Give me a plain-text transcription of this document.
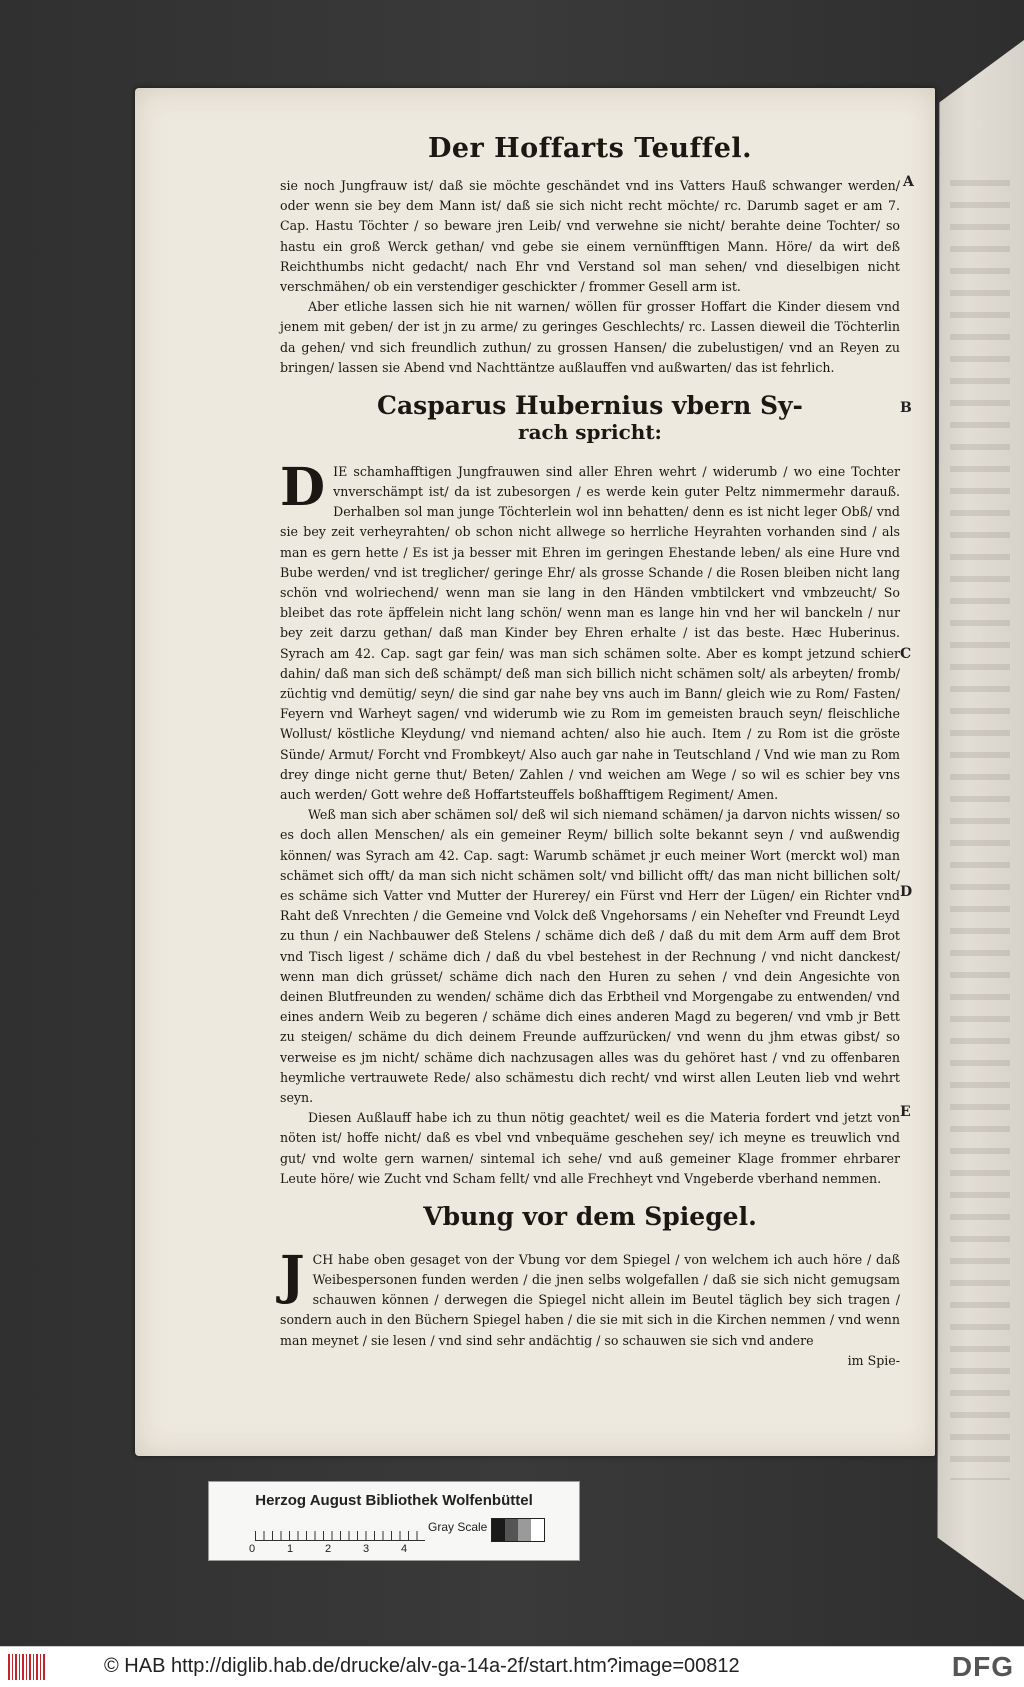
Der Hoffarts Teuffel.

sie noch Jungfrauw ist/ daß sie möchte geschändet vnd ins Vatters Hauß schwanger werden/ oder wenn sie bey dem Mann ist/ daß sie sich nicht recht möchte/ rc. Darumb saget er am 7. Cap. Hastu Töchter / so beware jren Leib/ vnd verwehne sie nicht/ berahte deine Tochter/ so hastu ein groß Werck gethan/ vnd gebe sie einem vernünfftigen Mann. Höre/ da wirt deß Reichthumbs nicht gedacht/ nach Ehr vnd Verstand sol man sehen/ vnd dieselbigen nicht verschmähen/ ob ein verstendiger geschickter / frommer Gesell arm ist.

Aber etliche lassen sich hie nit warnen/ wöllen für grosser Hoffart die Kinder diesem vnd jenem mit geben/ der ist jn zu arme/ zu geringes Geschlechts/ rc. Lassen dieweil die Töchterlin da gehen/ vnd sich freundlich zuthun/ zu grossen Hansen/ die zubelustigen/ vnd an Reyen zu bringen/ lassen sie Abend vnd Nachttäntze außlauffen vnd außwarten/ das ist fehrlich.

Casparus Hubernius vbern Sy-
rach spricht:

DIE schamhafftigen Jungfrauwen sind aller Ehren wehrt / widerumb / wo eine Tochter vnverschämpt ist/ da ist zubesorgen / es werde kein guter Peltz nimmermehr darauß. Derhalben sol man junge Töchterlein wol inn behatten/ denn es ist nicht leger Obß/ vnd sie bey zeit verheyrahten/ ob schon nicht allwege so herrliche Heyrahten vorhanden sind / als man es gern hette / Es ist ja besser mit Ehren im geringen Ehestande leben/ als eine Hure vnd Bube werden/ vnd ist treglicher/ geringe Ehr/ als grosse Schande / die Rosen bleiben nicht lang schön vnd wolriechend/ wenn man sie lang in den Händen vmbtilckert vnd vmbzeucht/ So bleibet das rote äpffelein nicht lang schön/ wenn man es lange hin vnd her wil banckeln / nur bey zeit darzu gethan/ daß man Kinder bey Ehren erhalte / ist das beste. Hæc Huberinus. Syrach am 42. Cap. sagt gar fein/ was man sich schämen solte. Aber es kompt jetzund schier dahin/ daß man sich deß schämpt/ deß man sich billich nicht schämen solt/ als arbeyten/ fromb/ züchtig vnd demütig/ seyn/ die sind gar nahe bey vns auch im Bann/ gleich wie zu Rom/ Fasten/ Feyern vnd Warheyt sagen/ vnd widerumb wie zu Rom im gemeisten brauch seyn/ fleischliche Wollust/ köstliche Kleydung/ vnd niemand achten/ also hie auch. Item / zu Rom ist die gröste Sünde/ Armut/ Forcht vnd Frombkeyt/ Also auch gar nahe in Teutschland / Vnd wie man zu Rom drey dinge nicht gerne thut/ Beten/ Zahlen / vnd weichen am Wege / so wil es schier bey vns auch werden/ Gott wehre deß Hoffartsteuffels boßhafftigem Regiment/ Amen.

Weß man sich aber schämen sol/ deß wil sich niemand schämen/ ja darvon nichts wissen/ so es doch allen Menschen/ als ein gemeiner Reym/ billich solte bekannt seyn / vnd außwendig können/ was Syrach am 42. Cap. sagt: Warumb schämet jr euch meiner Wort (merckt wol) man schämet sich offt/ da man sich nicht schämen solt/ vnd billicht offt/ das man nicht billichen solt/ es schäme sich Vatter vnd Mutter der Hurerey/ ein Fürst vnd Herr der Lügen/ ein Richter vnd Raht deß Vnrechten / die Gemeine vnd Volck deß Vngehorsams / ein Neheſter vnd Freundt Leyd zu thun / ein Nachbauwer deß Stelens / schäme dich deß / daß du mit dem Arm auff dem Brot vnd Tisch ligest / schäme dich / daß du vbel bestehest in der Rechnung / vnd nicht danckest/ wenn man dich grüsset/ schäme dich nach den Huren zu sehen / vnd dein Angesichte von deinen Blutfreunden zu wenden/ schäme dich das Erbtheil vnd Morgengabe zu entwenden/ vnd eines andern Weib zu begeren / schäme dich eines anderen Magd zu begeren/ vnd vmb jr Bett zu steigen/ schäme du dich deinem Freunde auffzurücken/ vnd wenn du jhm etwas gibst/ so verweise es jm nicht/ schäme dich nachzusagen alles was du gehöret hast / vnd zu offenbaren heymliche vertrauwete Rede/ also schämestu dich recht/ vnd wirst allen Leuten lieb vnd wehrt seyn.

Diesen Außlauff habe ich zu thun nötig geachtet/ weil es die Materia fordert vnd jetzt von nöten ist/ hoffe nicht/ daß es vbel vnd vnbequäme geschehen sey/ ich meyne es treuwlich vnd gut/ vnd wolte gern warnen/ sintemal ich sehe/ vnd auß gemeiner Klage frommer ehrbarer Leute höre/ wie Zucht vnd Scham fellt/ vnd alle Frechheyt vnd Vngeberde vberhand nemmen.

Vbung vor dem Spiegel.

JCH habe oben gesaget von der Vbung vor dem Spiegel / von welchem ich auch höre / daß Weibespersonen funden werden / die jnen selbs wolgefallen / daß sie sich nicht gemugsam schauwen können / derwegen die Spiegel nicht allein im Beutel täglich bey sich tragen / sondern auch in den Büchern Spiegel haben / die sie mit sich in die Kirchen nemmen / vnd wenn man meynet / sie lesen / vnd sind sehr andächtig / so schauwen sie sich vnd andere

im Spie-
A
B
C
D
E
Herzog August Bibliothek Wolfenbüttel
0	1	2	3	4
Gray Scale
© HAB http://diglib.hab.de/drucke/alv-ga-14a-2f/start.htm?image=00812	DFG
